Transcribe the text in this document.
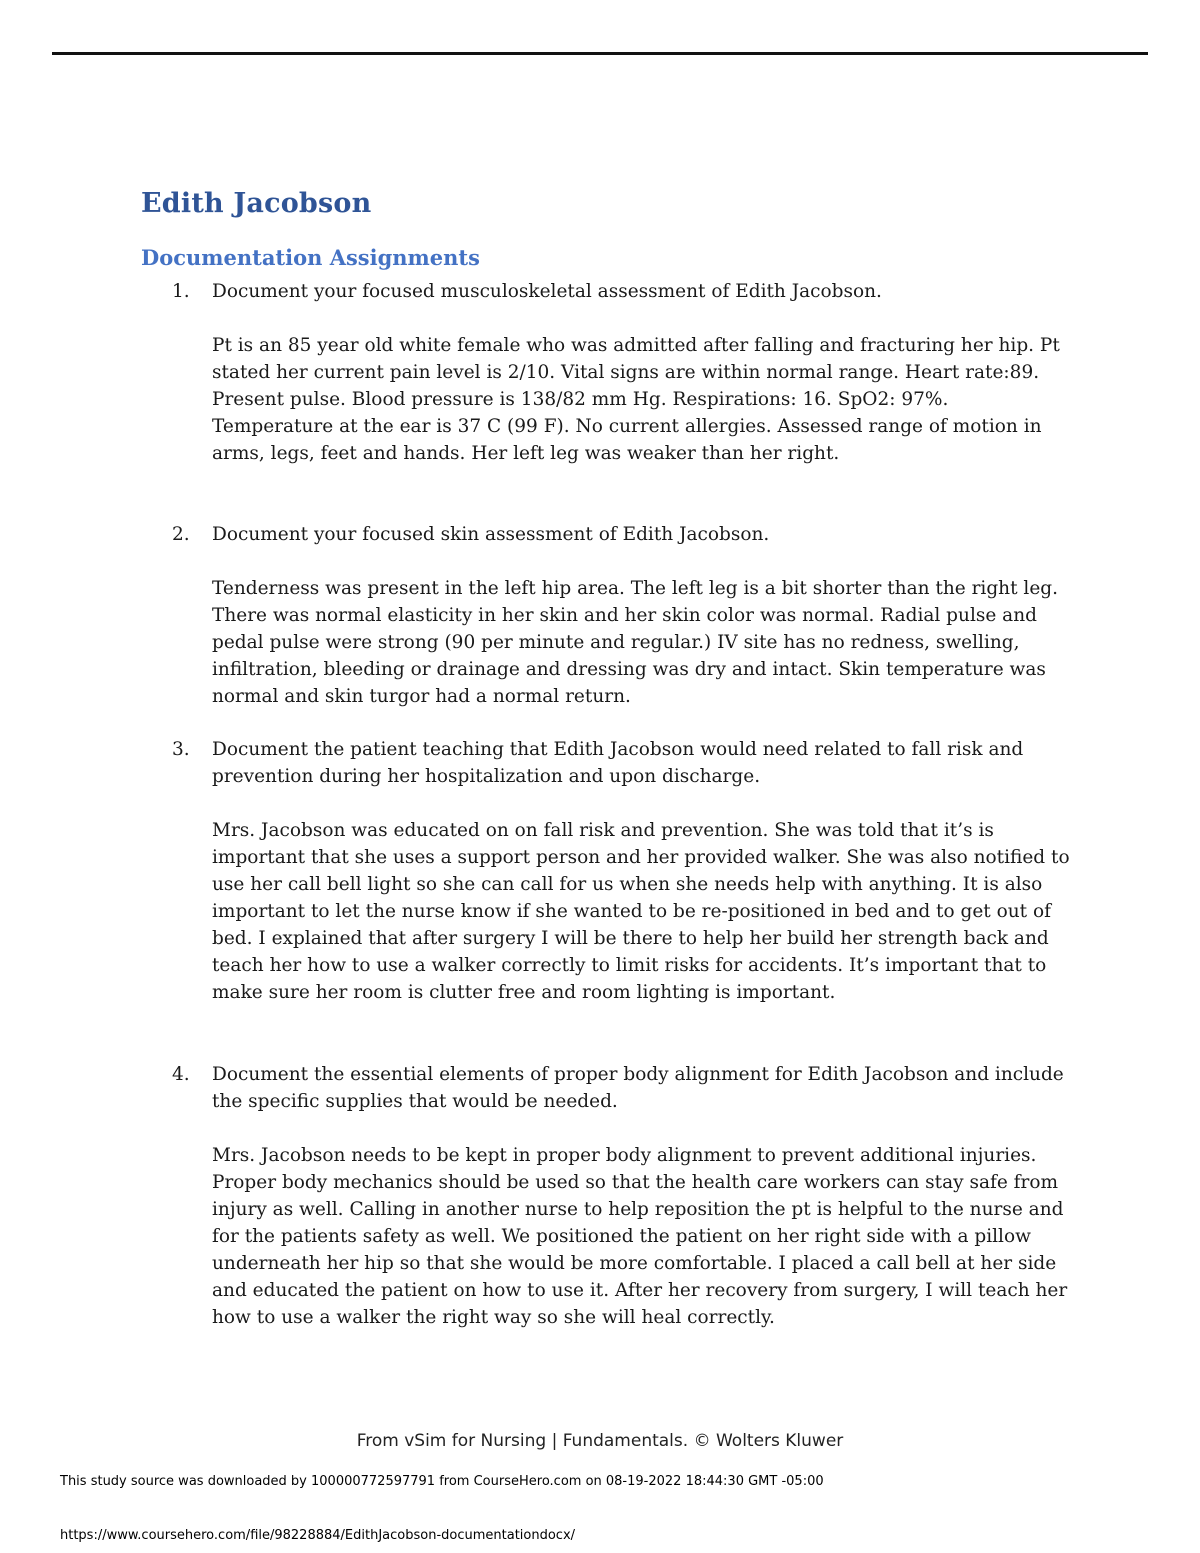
Edith Jacobson
Documentation Assignments
1. Document your focused musculoskeletal assessment of Edith Jacobson.
Pt is an 85 year old white female who was admitted after falling and fracturing her hip. Pt stated her current pain level is 2/10. Vital signs are within normal range. Heart rate:89. Present pulse. Blood pressure is 138/82 mm Hg. Respirations: 16. SpO2: 97%. Temperature at the ear is 37 C (99 F). No current allergies. Assessed range of motion in arms, legs, feet and hands. Her left leg was weaker than her right.
2. Document your focused skin assessment of Edith Jacobson.
Tenderness was present in the left hip area. The left leg is a bit shorter than the right leg. There was normal elasticity in her skin and her skin color was normal. Radial pulse and pedal pulse were strong (90 per minute and regular.) IV site has no redness, swelling, infiltration, bleeding or drainage and dressing was dry and intact. Skin temperature was normal and skin turgor had a normal return.
3. Document the patient teaching that Edith Jacobson would need related to fall risk and prevention during her hospitalization and upon discharge.
Mrs. Jacobson was educated on on fall risk and prevention. She was told that it’s is important that she uses a support person and her provided walker. She was also notified to use her call bell light so she can call for us when she needs help with anything. It is also important to let the nurse know if she wanted to be re-positioned in bed and to get out of bed. I explained that after surgery I will be there to help her build her strength back and teach her how to use a walker correctly to limit risks for accidents. It’s important that to make sure her room is clutter free and room lighting is important.
4. Document the essential elements of proper body alignment for Edith Jacobson and include the specific supplies that would be needed.
Mrs. Jacobson needs to be kept in proper body alignment to prevent additional injuries. Proper body mechanics should be used so that the health care workers can stay safe from injury as well. Calling in another nurse to help reposition the pt is helpful to the nurse and for the patients safety as well. We positioned the patient on her right side with a pillow underneath her hip so that she would be more comfortable. I placed a call bell at her side and educated the patient on how to use it. After her recovery from surgery, I will teach her how to use a walker the right way so she will heal correctly.
From vSim for Nursing | Fundamentals. © Wolters Kluwer
This study source was downloaded by 100000772597791 from CourseHero.com on 08-19-2022 18:44:30 GMT -05:00
https://www.coursehero.com/file/98228884/EdithJacobson-documentationdocx/
